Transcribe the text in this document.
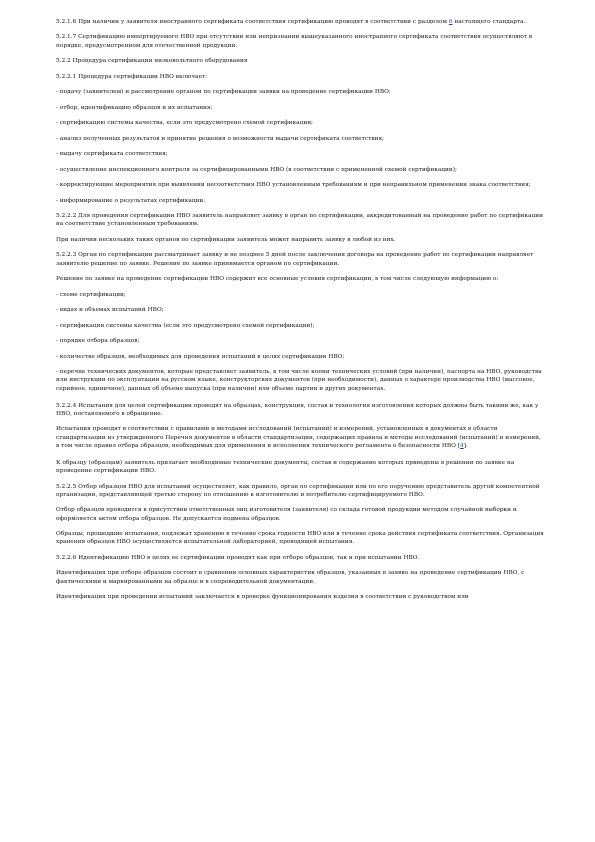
5.2.1.6 При наличии у заявителя иностранного сертификата соответствия сертификацию проводят в соответствии с разделом 6 настоящего стандарта.

5.2.1.7 Сертификацию импортируемого НВО при отсутствии или непризнании вышеуказанного иностранного сертификата соответствия осуществляют в порядке, предусмотренном для отечественной продукции.

5.2.2 Процедура сертификации низковольтного оборудования

5.2.2.1 Процедура сертификации НВО включает:

- подачу (заявителем) и рассмотрение органом по сертификации заявки на проведение сертификации НВО;

- отбор, идентификацию образцов и их испытания;

- сертификацию системы качества, если это предусмотрено схемой сертификации;

- анализ полученных результатов и принятие решения о возможности выдачи сертификата соответствия;

- выдачу сертификата соответствия;

- осуществление инспекционного контроля за сертифицированными НВО (в соответствии с примененной схемой сертификации);

- корректирующие мероприятия при выявлении несоответствия НВО установленным требованиям и при неправильном применении знака соответствия;

- информирование о результатах сертификации.

5.2.2.2 Для проведения сертификации НВО заявитель направляет заявку в орган по сертификации, аккредитованный на проведение работ по сертификации на соответствие установленным требованиям.

При наличии нескольких таких органов по сертификации заявитель может направить заявку в любой из них.

5.2.2.3 Орган по сертификации рассматривает заявку и не позднее 5 дней после заключения договора на проведение работ по сертификации направляет заявителю решение по заявке. Решение по заявке принимается органом по сертификации.

Решение по заявке на проведение сертификации НВО содержит все основные условия сертификации, в том числе следующую информацию о:

- схеме сертификации;

- видах и объемах испытаний НВО;

- сертификации системы качества (если это предусмотрено схемой сертификации);

- порядке отбора образцов;

- количестве образцов, необходимых для проведения испытаний в целях сертификации НВО;

- перечне технических документов, которые представляет заявитель, в том числе копии технических условий (при наличии), паспорта на НВО, руководства или инструкции по эксплуатации на русском языке, конструкторских документов (при необходимости), данных о характере производства НВО (массовое, серийное, единичное), данных об объеме выпуска (при наличии) или объеме партии и других документах.

5.2.2.4 Испытания для целей сертификации проводят на образцах, конструкция, состав и технология изготовления которых должны быть такими же, как у НВО, поставляемого в обращение.

Испытания проводят в соответствии с правилами и методами исследований (испытаний) и измерений, установленных в документах в области стандартизации из утвержденного Перечня документов в области стандартизации, содержащих правила и методы исследований (испытаний) и измерений, в том числе правил отбора образцов, необходимых для применения и исполнения технического регламента о безопасности НВО [4].

К образцу (образцам) заявитель прилагает необходимые технические документы, состав и содержание которых приведены в решении по заявке на проведение сертификации НВО.

5.2.2.5 Отбор образцов НВО для испытаний осуществляет, как правило, орган по сертификации или по его поручению представитель другой компетентной организации, представляющей третью сторону по отношению к изготовителю и потребителю сертифицируемого НВО.

Отбор образцов проводится в присутствии ответственных лиц изготовителя (заявителя) со склада готовой продукции методом случайной выборки и оформляется актом отбора образцов. Не допускается подмена образцов.

Образцы, прошедшие испытания, подлежат хранению в течение срока годности НВО или в течение срока действия сертификата соответствия. Организация хранения образцов НВО осуществляется испытательной лабораторией, проводящей испытания.

5.2.2.6 Идентификацию НВО в целях ее сертификации проводят как при отборе образцов, так и при испытании НВО.

Идентификация при отборе образцов состоит в сравнении основных характеристик образцов, указанных в заявке на проведение сертификации НВО, с фактическими и маркированными на образце и в сопроводительной документации.

Идентификация при проведении испытаний заключается в проверке функционирования изделия в соответствии с руководством или
